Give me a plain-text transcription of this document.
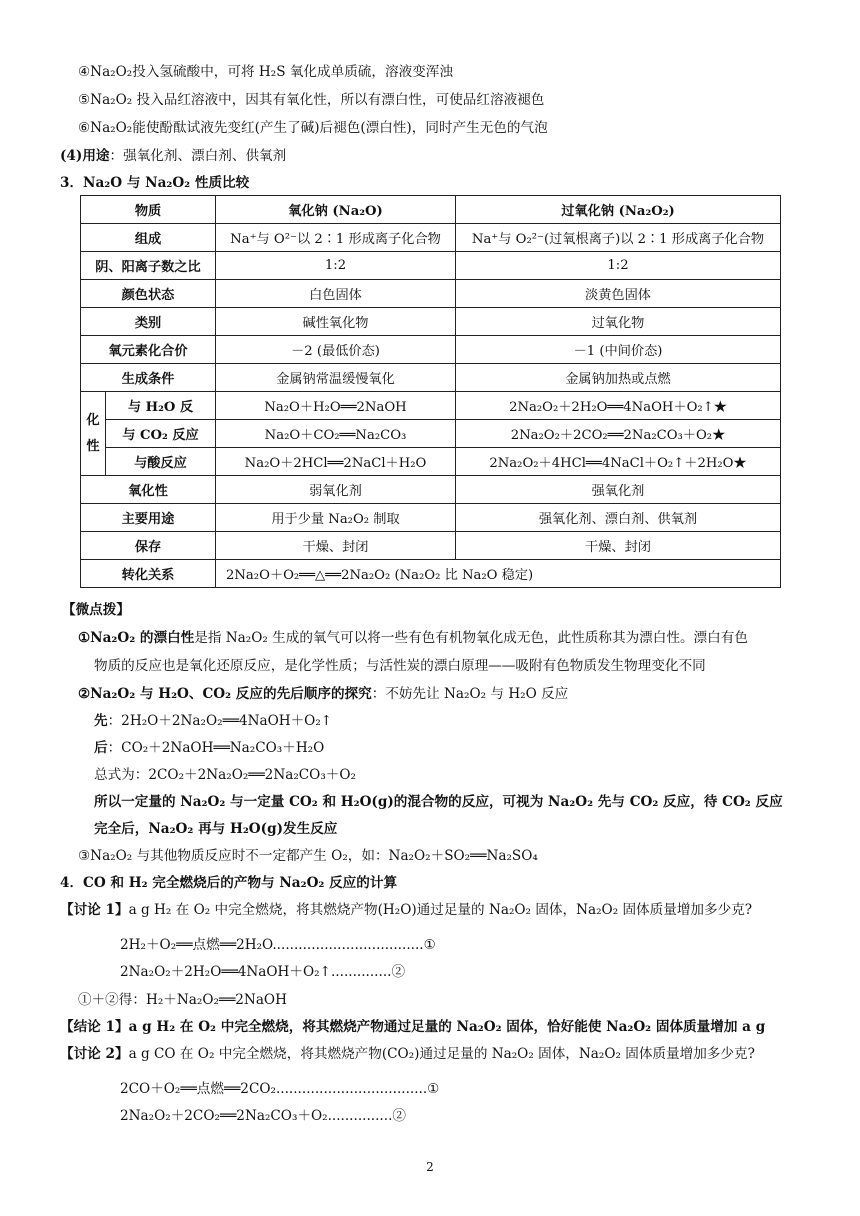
④Na₂O₂投入氢硫酸中，可将 H₂S 氧化成单质硫，溶液变浑浊
⑤Na₂O₂ 投入品红溶液中，因其有氧化性，所以有漂白性，可使品红溶液褪色
⑥Na₂O₂能使酚酞试液先变红(产生了碱)后褪色(漂白性)，同时产生无色的气泡
(4)用途：强氧化剂、漂白剂、供氧剂
3．Na₂O 与 Na₂O₂ 性质比较
物质		氧化钠 (Na₂O)	过氧化钠 (Na₂O₂)
组成		Na⁺与 O²⁻以 2∶1 形成离子化合物	Na⁺与 O₂²⁻(过氧根离子)以 2∶1 形成离子化合物
阴、阳离子数之比		1:2	1:2
颜色状态		白色固体	淡黄色固体
类别		碱性氧化物	过氧化物
氧元素化合价		－2 (最低价态)	－1 (中间价态)
生成条件		金属钠常温缓慢氧化	金属钠加热或点燃
化性	与 H₂O 反	Na₂O＋H₂O══2NaOH	2Na₂O₂＋2H₂O══4NaOH＋O₂↑★
	与 CO₂ 反应	Na₂O＋CO₂══Na₂CO₃	2Na₂O₂＋2CO₂══2Na₂CO₃＋O₂★
	与酸反应	Na₂O＋2HCl══2NaCl＋H₂O	2Na₂O₂＋4HCl══4NaCl＋O₂↑＋2H₂O★
氧化性		弱氧化剂	强氧化剂
主要用途		用于少量 Na₂O₂ 制取	强氧化剂、漂白剂、供氧剂
保存		干燥、封闭	干燥、封闭
转化关系		2Na₂O＋O₂══△══2Na₂O₂ (Na₂O₂ 比 Na₂O 稳定)	
【微点拨】
①Na₂O₂ 的漂白性是指 Na₂O₂ 生成的氧气可以将一些有色有机物氧化成无色，此性质称其为漂白性。漂白有色
物质的反应也是氧化还原反应，是化学性质；与活性炭的漂白原理——吸附有色物质发生物理变化不同
②Na₂O₂ 与 H₂O、CO₂ 反应的先后顺序的探究：不妨先让 Na₂O₂ 与 H₂O 反应
先：2H₂O＋2Na₂O₂══4NaOH＋O₂↑
后：CO₂＋2NaOH══Na₂CO₃＋H₂O
总式为：2CO₂＋2Na₂O₂══2Na₂CO₃＋O₂
所以一定量的 Na₂O₂ 与一定量 CO₂ 和 H₂O(g)的混合物的反应，可视为 Na₂O₂ 先与 CO₂ 反应，待 CO₂ 反应
完全后，Na₂O₂ 再与 H₂O(g)发生反应
③Na₂O₂ 与其他物质反应时不一定都产生 O₂，如：Na₂O₂＋SO₂══Na₂SO₄
4．CO 和 H₂ 完全燃烧后的产物与 Na₂O₂ 反应的计算
【讨论 1】a g H₂ 在 O₂ 中完全燃烧，将其燃烧产物(H₂O)通过足量的 Na₂O₂ 固体，Na₂O₂ 固体质量增加多少克?
2H₂＋O₂══点燃══2H₂O...................................①
2Na₂O₂＋2H₂O══4NaOH＋O₂↑..............②
①＋②得：H₂＋Na₂O₂══2NaOH
【结论 1】a g H₂ 在 O₂ 中完全燃烧，将其燃烧产物通过足量的 Na₂O₂ 固体，恰好能使 Na₂O₂ 固体质量增加 a g
【讨论 2】a g CO 在 O₂ 中完全燃烧，将其燃烧产物(CO₂)通过足量的 Na₂O₂ 固体，Na₂O₂ 固体质量增加多少克?
2CO＋O₂══点燃══2CO₂...................................①
2Na₂O₂＋2CO₂══2Na₂CO₃＋O₂...............②
2
